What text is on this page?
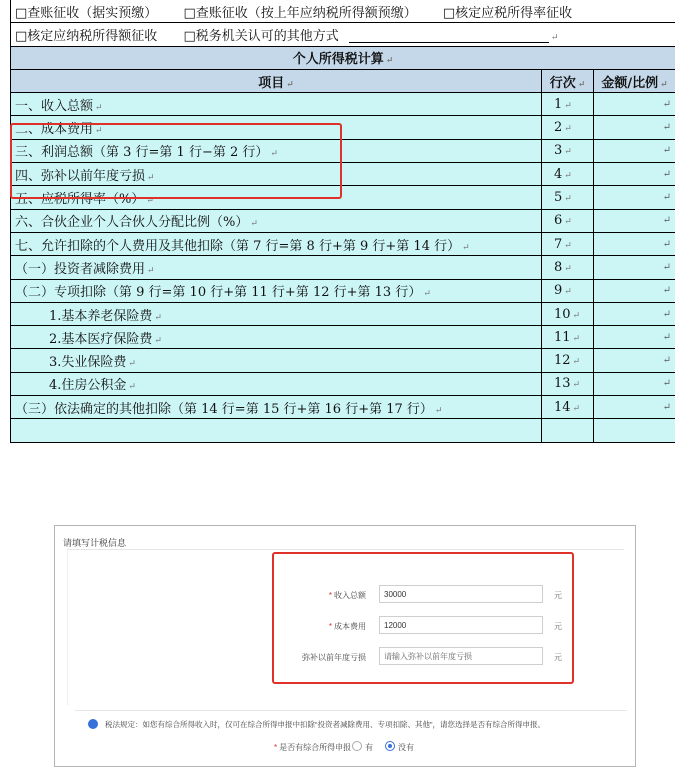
□查账征收（据实预缴） □查账征收（按上年应纳税所得额预缴） □核定应税所得率征收		
□核定应纳税所得额征收 □税务机关认可的其他方式 ↵		
个人所得税计算 ↵		
项目 ↵	行次 ↵	金额/比例 ↵
一、收入总额 ↵	1 ↵	↵
二、成本费用 ↵	2 ↵	↵
三、利润总额（第 3 行=第 1 行−第 2 行） ↵	3 ↵	↵
四、弥补以前年度亏损 ↵	4 ↵	↵
五、应税所得率（%） ↵	5 ↵	↵
六、合伙企业个人合伙人分配比例（%） ↵	6 ↵	↵
七、允许扣除的个人费用及其他扣除（第 7 行=第 8 行+第 9 行+第 14 行） ↵	7 ↵	↵
（一）投资者减除费用 ↵	8 ↵	↵
（二）专项扣除（第 9 行=第 10 行+第 11 行+第 12 行+第 13 行） ↵	9 ↵	↵
1.基本养老保险费 ↵	10 ↵	↵
2.基本医疗保险费 ↵	11 ↵	↵
3.失业保险费 ↵	12 ↵	↵
4.住房公积金 ↵	13 ↵	↵
（三）依法确定的其他扣除（第 14 行=第 15 行+第 16 行+第 17 行） ↵	14 ↵	↵

请填写计税信息
* 收入总额
30000	元
* 成本费用
12000	元
弥补以前年度亏损
请输入弥补以前年度亏损	元
税法规定：如您有综合所得收入时，仅可在综合所得申报中扣除“投资者减除费用、专项扣除、其他”，请您选择是否有综合所得申报。
* 是否有综合所得申报 有	没有
